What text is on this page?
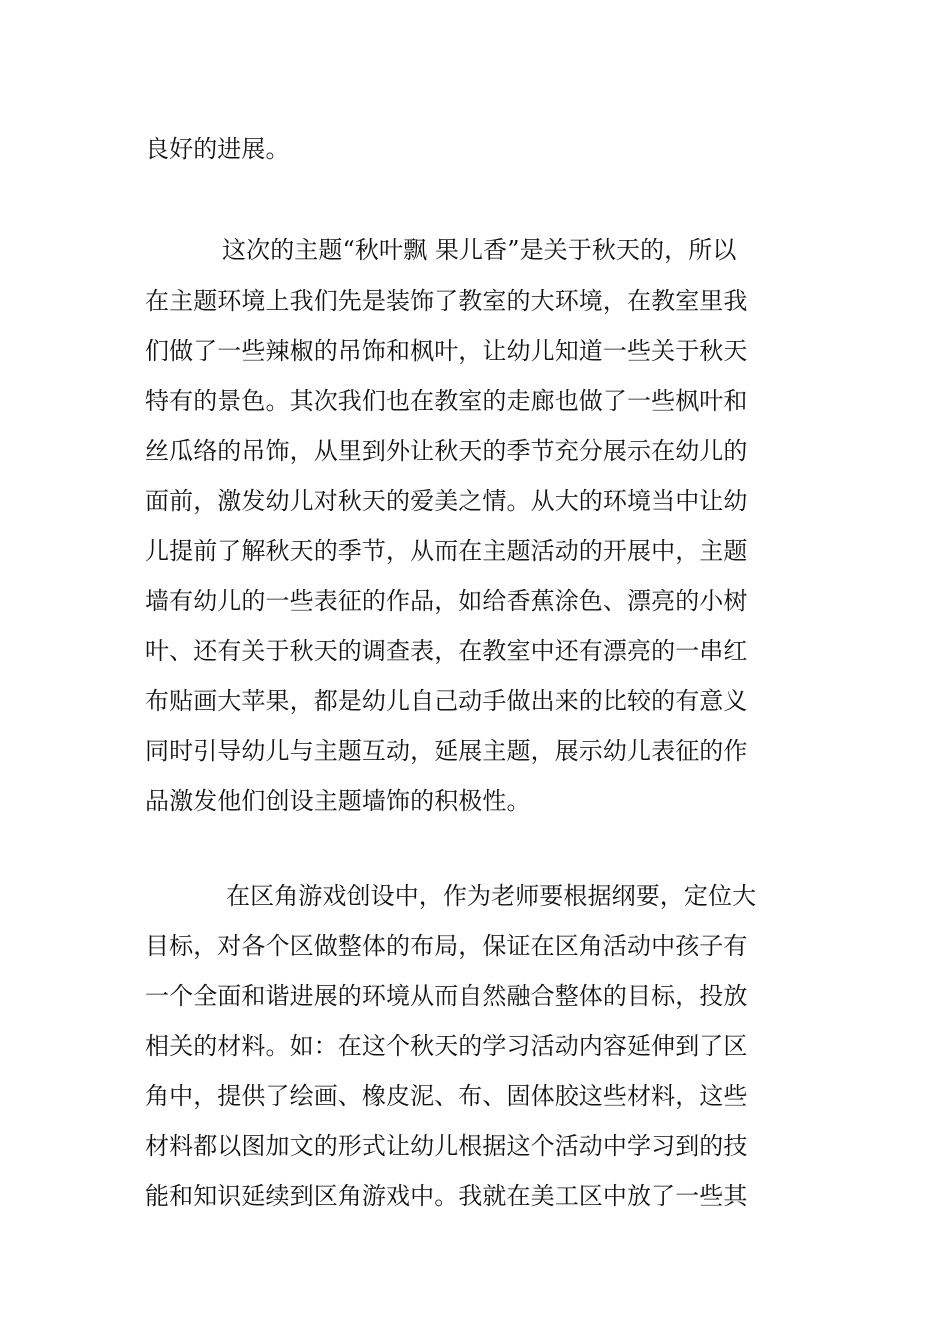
良好的进展。
这次的主题“秋叶飘 果儿香”是关于秋天的，所以
在主题环境上我们先是装饰了教室的大环境，在教室里我
们做了一些辣椒的吊饰和枫叶，让幼儿知道一些关于秋天
特有的景色。其次我们也在教室的走廊也做了一些枫叶和
丝瓜络的吊饰，从里到外让秋天的季节充分展示在幼儿的
面前，激发幼儿对秋天的爱美之情。从大的环境当中让幼
儿提前了解秋天的季节，从而在主题活动的开展中，主题
墙有幼儿的一些表征的作品，如给香蕉涂色、漂亮的小树
叶、还有关于秋天的调查表，在教室中还有漂亮的一串红
布贴画大苹果，都是幼儿自己动手做出来的比较的有意义
同时引导幼儿与主题互动，延展主题，展示幼儿表征的作
品激发他们创设主题墙饰的积极性。
在区角游戏创设中，作为老师要根据纲要，定位大
目标，对各个区做整体的布局，保证在区角活动中孩子有
一个全面和谐进展的环境从而自然融合整体的目标，投放
相关的材料。如：在这个秋天的学习活动内容延伸到了区
角中，提供了绘画、橡皮泥、布、固体胶这些材料，这些
材料都以图加文的形式让幼儿根据这个活动中学习到的技
能和知识延续到区角游戏中。我就在美工区中放了一些其
